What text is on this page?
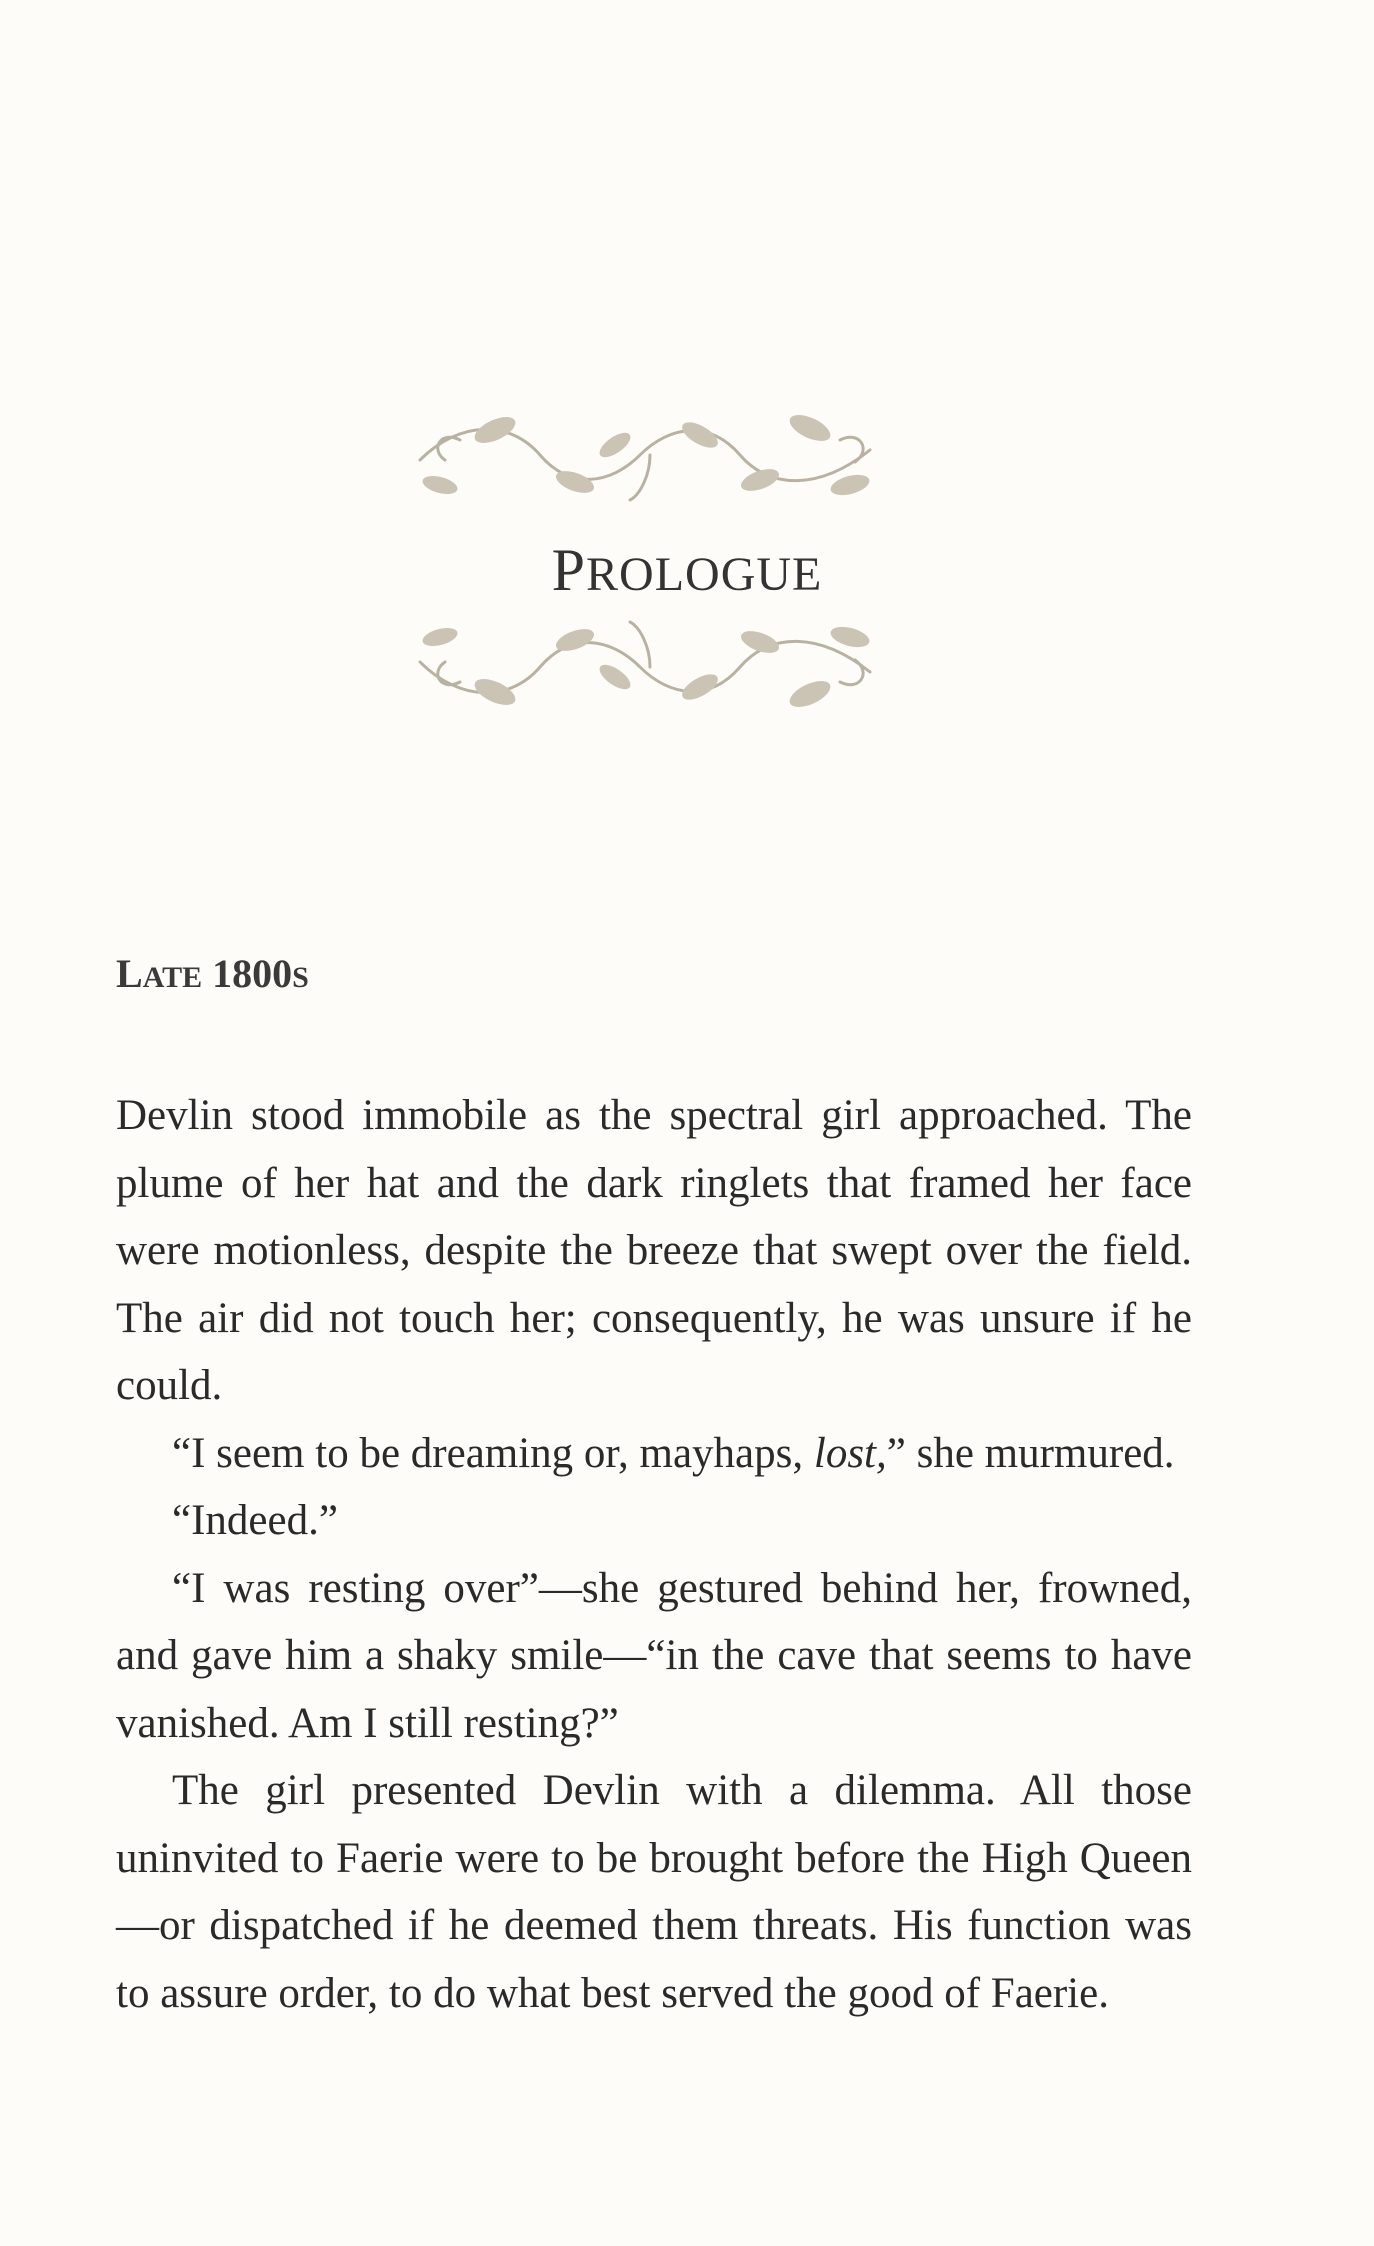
PROLOGUE
LATE 1800S

Devlin stood immobile as the spectral girl approached. The plume of her hat and the dark ringlets that framed her face were motionless, despite the breeze that swept over the field. The air did not touch her; consequently, he was unsure if he could.

“I seem to be dreaming or, mayhaps, lost,” she murmured.

“Indeed.”

“I was resting over”—she gestured behind her, frowned, and gave him a shaky smile—“in the cave that seems to have vanished. Am I still resting?”

The girl presented Devlin with a dilemma. All those uninvited to Faerie were to be brought before the High Queen—or dispatched if he deemed them threats. His function was to assure order, to do what best served the good of Faerie.
